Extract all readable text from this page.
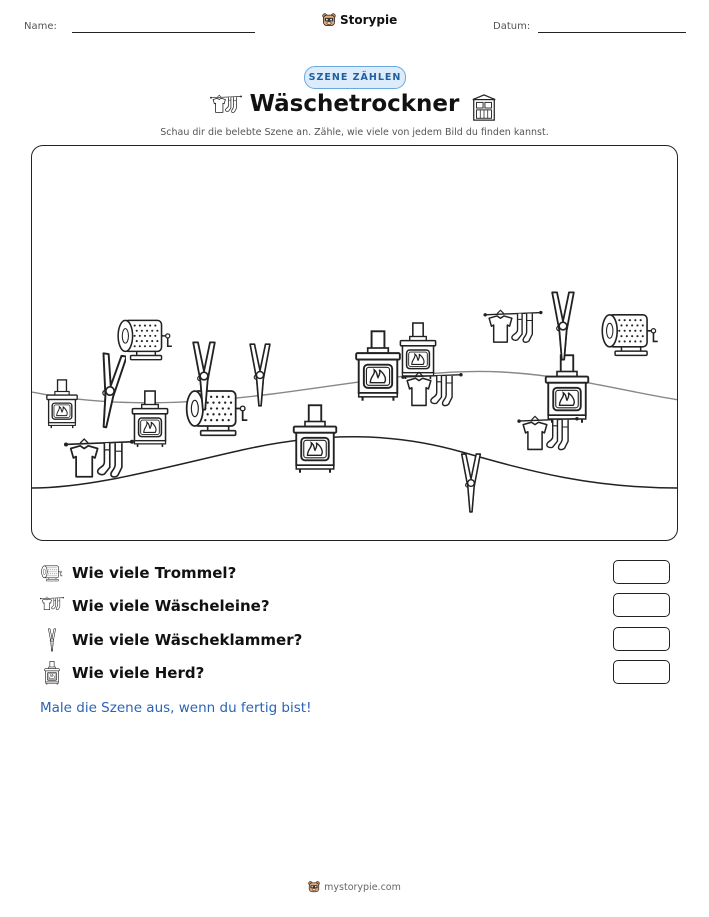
Name:	Storypie	Datum:
SZENE ZÄHLEN
Wäschetrockner
Schau dir die belebte Szene an. Zähle, wie viele von jedem Bild du finden kannst.
Wie viele Trommel?
Wie viele Wäscheleine?
Wie viele Wäscheklammer?
Wie viele Herd?
Male die Szene aus, wenn du fertig bist!
mystorypie.com
